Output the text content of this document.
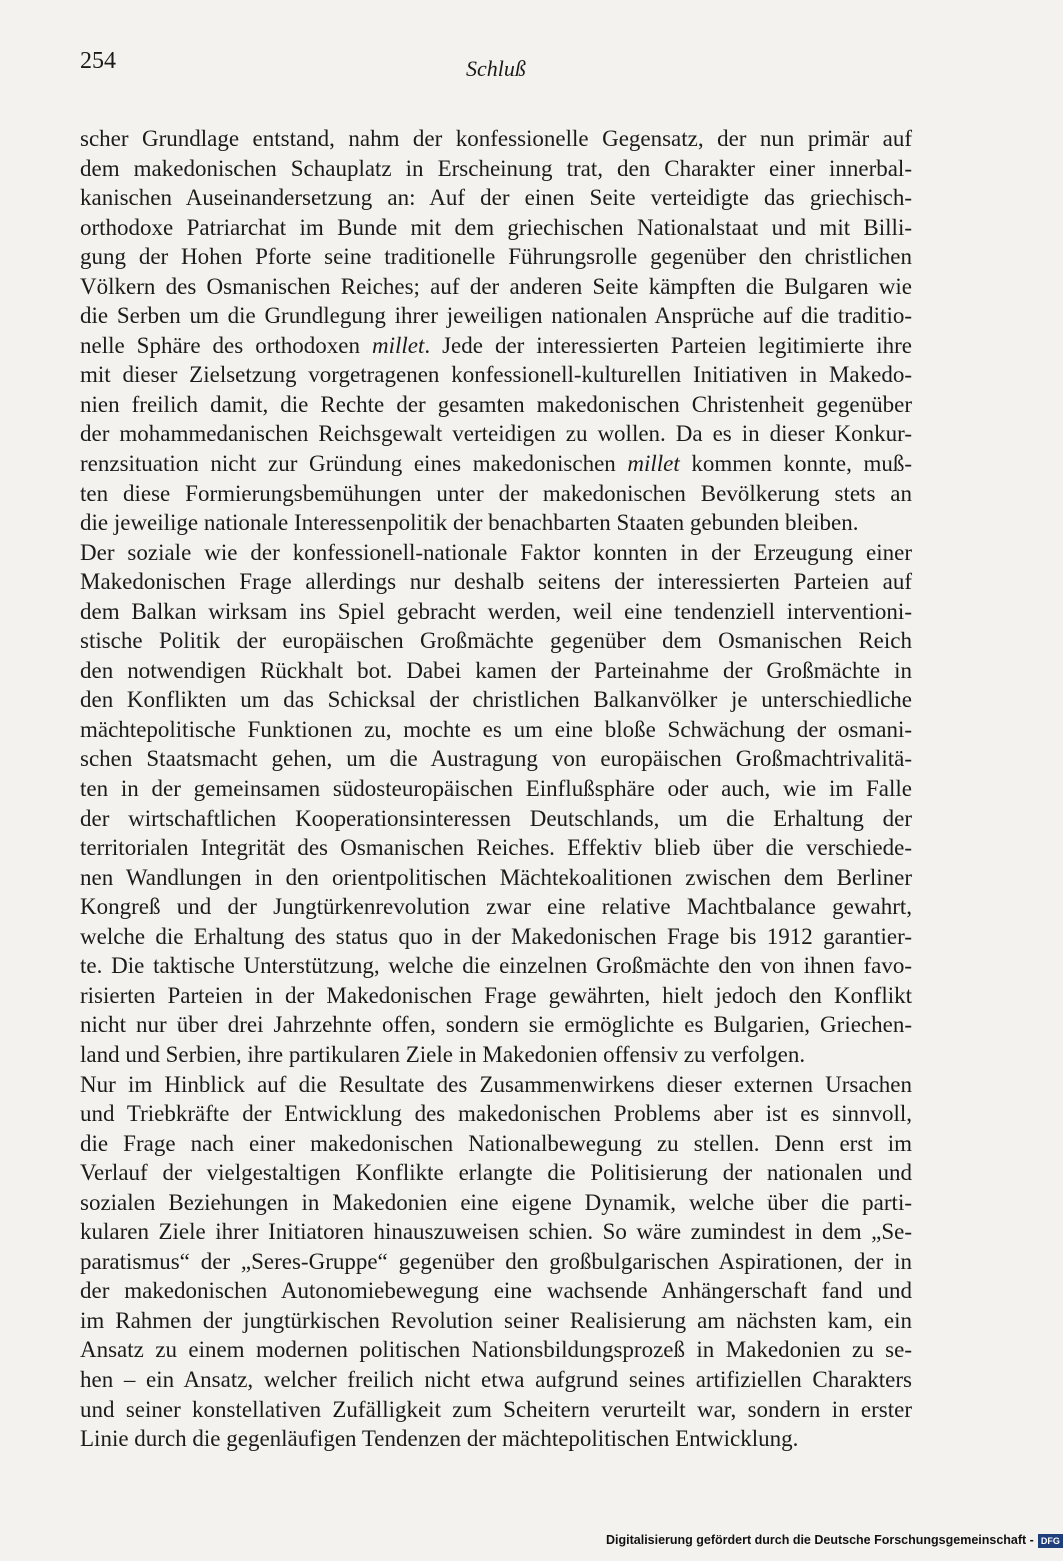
254	Schluß
scher Grundlage entstand, nahm der konfessionelle Gegensatz, der nun primär auf
dem makedonischen Schauplatz in Erscheinung trat, den Charakter einer innerbal-
kanischen Auseinandersetzung an: Auf der einen Seite verteidigte das griechisch-
orthodoxe Patriarchat im Bunde mit dem griechischen Nationalstaat und mit Billi-
gung der Hohen Pforte seine traditionelle Führungsrolle gegenüber den christlichen
Völkern des Osmanischen Reiches; auf der anderen Seite kämpften die Bulgaren wie
die Serben um die Grundlegung ihrer jeweiligen nationalen Ansprüche auf die traditio-
nelle Sphäre des orthodoxen millet. Jede der interessierten Parteien legitimierte ihre
mit dieser Zielsetzung vorgetragenen konfessionell-kulturellen Initiativen in Makedo-
nien freilich damit, die Rechte der gesamten makedonischen Christenheit gegenüber
der mohammedanischen Reichsgewalt verteidigen zu wollen. Da es in dieser Konkur-
renzsituation nicht zur Gründung eines makedonischen millet kommen konnte, muß-
ten diese Formierungsbemühungen unter der makedonischen Bevölkerung stets an
die jeweilige nationale Interessenpolitik der benachbarten Staaten gebunden bleiben.
Der soziale wie der konfessionell-nationale Faktor konnten in der Erzeugung einer
Makedonischen Frage allerdings nur deshalb seitens der interessierten Parteien auf
dem Balkan wirksam ins Spiel gebracht werden, weil eine tendenziell interventioni-
stische Politik der europäischen Großmächte gegenüber dem Osmanischen Reich
den notwendigen Rückhalt bot. Dabei kamen der Parteinahme der Großmächte in
den Konflikten um das Schicksal der christlichen Balkanvölker je unterschiedliche
mächtepolitische Funktionen zu, mochte es um eine bloße Schwächung der osmani-
schen Staatsmacht gehen, um die Austragung von europäischen Großmachtrivalitä-
ten in der gemeinsamen südosteuropäischen Einflußsphäre oder auch, wie im Falle
der wirtschaftlichen Kooperationsinteressen Deutschlands, um die Erhaltung der
territorialen Integrität des Osmanischen Reiches. Effektiv blieb über die verschiede-
nen Wandlungen in den orientpolitischen Mächtekoalitionen zwischen dem Berliner
Kongreß und der Jungtürkenrevolution zwar eine relative Machtbalance gewahrt,
welche die Erhaltung des status quo in der Makedonischen Frage bis 1912 garantier-
te. Die taktische Unterstützung, welche die einzelnen Großmächte den von ihnen favo-
risierten Parteien in der Makedonischen Frage gewährten, hielt jedoch den Konflikt
nicht nur über drei Jahrzehnte offen, sondern sie ermöglichte es Bulgarien, Griechen-
land und Serbien, ihre partikularen Ziele in Makedonien offensiv zu verfolgen.
Nur im Hinblick auf die Resultate des Zusammenwirkens dieser externen Ursachen
und Triebkräfte der Entwicklung des makedonischen Problems aber ist es sinnvoll,
die Frage nach einer makedonischen Nationalbewegung zu stellen. Denn erst im
Verlauf der vielgestaltigen Konflikte erlangte die Politisierung der nationalen und
sozialen Beziehungen in Makedonien eine eigene Dynamik, welche über die parti-
kularen Ziele ihrer Initiatoren hinauszuweisen schien. So wäre zumindest in dem „Se-
paratismus“ der „Seres-Gruppe“ gegenüber den großbulgarischen Aspirationen, der in
der makedonischen Autonomiebewegung eine wachsende Anhängerschaft fand und
im Rahmen der jungtürkischen Revolution seiner Realisierung am nächsten kam, ein
Ansatz zu einem modernen politischen Nationsbildungsprozeß in Makedonien zu se-
hen – ein Ansatz, welcher freilich nicht etwa aufgrund seines artifiziellen Charakters
und seiner konstellativen Zufälligkeit zum Scheitern verurteilt war, sondern in erster
Linie durch die gegenläufigen Tendenzen der mächtepolitischen Entwicklung.
Digitalisierung gefördert durch die Deutsche Forschungsgemeinschaft - DFG
